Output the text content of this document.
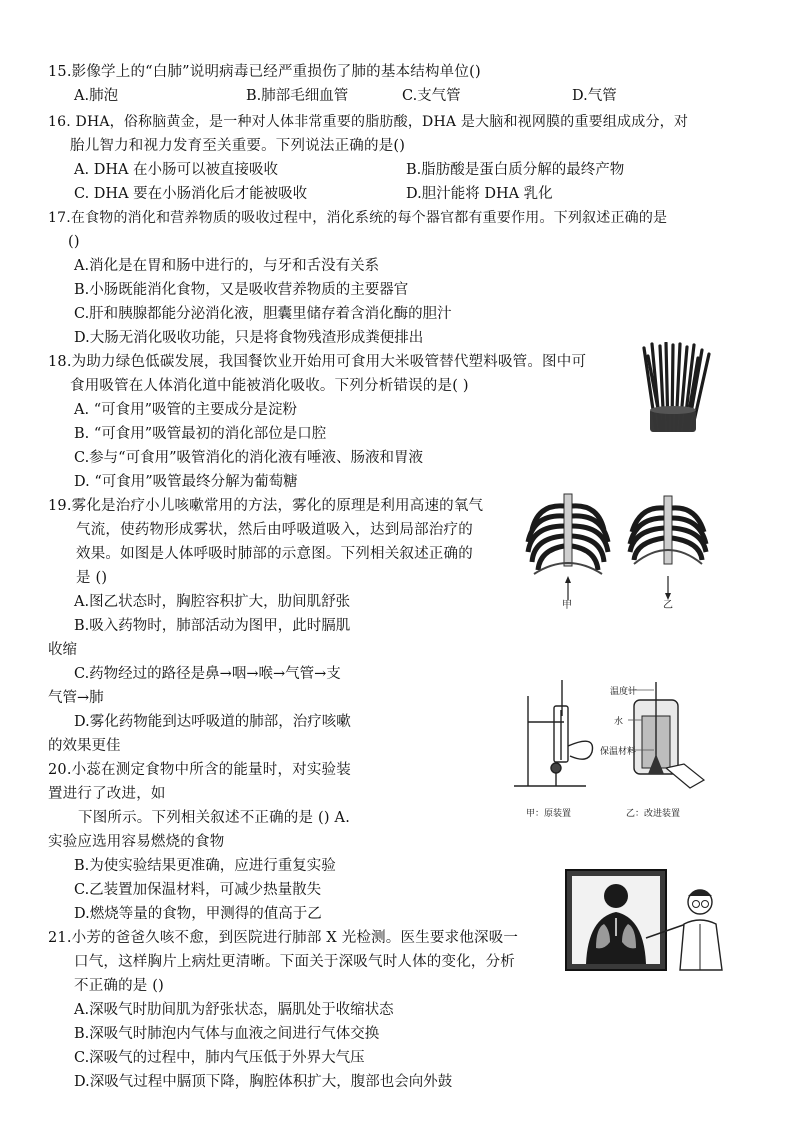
15.影像学上的“白肺”说明病毒已经严重损伤了肺的基本结构单位()
A.肺泡	B.肺部毛细血管	C.支气管	D.气管
16. DHA，俗称脑黄金，是一种对人体非常重要的脂肪酸，DHA 是大脑和视网膜的重要组成成分，对
胎儿智力和视力发育至关重要。下列说法正确的是()
A. DHA 在小肠可以被直接吸收	B.脂肪酸是蛋白质分解的最终产物
C. DHA 要在小肠消化后才能被吸收	D.胆汁能将 DHA 乳化
17.在食物的消化和营养物质的吸收过程中，消化系统的每个器官都有重要作用。下列叙述正确的是
()
A.消化是在胃和肠中进行的，与牙和舌没有关系
B.小肠既能消化食物，又是吸收营养物质的主要器官
C.肝和胰腺都能分泌消化液，胆囊里储存着含消化酶的胆汁
D.大肠无消化吸收功能，只是将食物残渣形成粪便排出
18.为助力绿色低碳发展，我国餐饮业开始用可食用大米吸管替代塑料吸管。图中可
食用吸管在人体消化道中能被消化吸收。下列分析错误的是( )
A. “可食用”吸管的主要成分是淀粉
B. “可食用”吸管最初的消化部位是口腔
C.参与“可食用”吸管消化的消化液有唾液、肠液和胃液
D. “可食用”吸管最终分解为葡萄糖
19.雾化是治疗小儿咳嗽常用的方法，雾化的原理是利用高速的氧气
气流，使药物形成雾状，然后由呼吸道吸入，达到局部治疗的
效果。如图是人体呼吸时肺部的示意图。下列相关叙述正确的
是 ()
A.图乙状态时，胸腔容积扩大，肋间肌舒张
B.吸入药物时，肺部活动为图甲，此时膈肌
收缩
C.药物经过的路径是鼻→咽→喉→气管→支
气管→肺
D.雾化药物能到达呼吸道的肺部，治疗咳嗽
的效果更佳
甲	乙
20.小蕊在测定食物中所含的能量时，对实验装
置进行了改进，如
下图所示。下列相关叙述不正确的是 () A.
实验应选用容易燃烧的食物
B.为使实验结果更准确，应进行重复实验
C.乙装置加保温材料，可减少热量散失
D.燃烧等量的食物，甲测得的值高于乙
温度计
水
保温材料
甲：原装置	乙：改进装置
21.小芳的爸爸久咳不愈，到医院进行肺部 X 光检测。医生要求他深吸一
口气，这样胸片上病灶更清晰。下面关于深吸气时人体的变化，分析
不正确的是 ()
A.深吸气时肋间肌为舒张状态，膈肌处于收缩状态
B.深吸气时肺泡内气体与血液之间进行气体交换
C.深吸气的过程中，肺内气压低于外界大气压
D.深吸气过程中膈顶下降，胸腔体积扩大，腹部也会向外鼓
